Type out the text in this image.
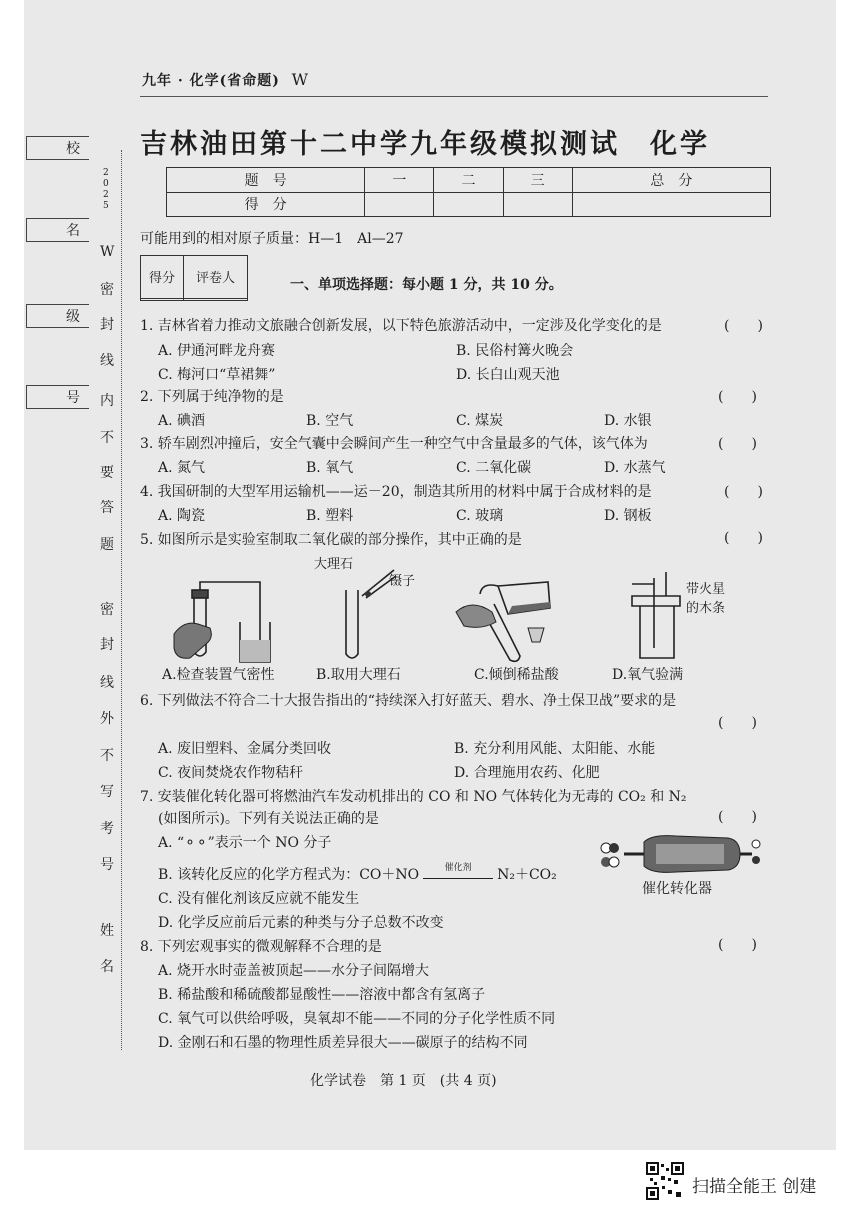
校
名
级
号
2
0
2
5
W
密
封
线
内
不
要
答
题
密
封
线
外
不
写
考
号
姓
名
九年 · 化学(省命题) W
吉林油田第十二中学九年级模拟测试　化学
题　号	一	二	三	总　分
得　分				
可能用到的相对原子质量：H—1　Al—27
得分	评卷人
		一、单项选择题：每小题 1 分，共 10 分。
1. 吉林省着力推动文旅融合创新发展，以下特色旅游活动中，一定涉及化学变化的是	(　　)
A. 伊通河畔龙舟赛	B. 民俗村篝火晚会
C. 梅河口“草裙舞”	D. 长白山观天池
2. 下列属于纯净物的是	(　　)
A. 碘酒	B. 空气	C. 煤炭	D. 水银
3. 轿车剧烈冲撞后，安全气囊中会瞬间产生一种空气中含量最多的气体，该气体为	(　　)
A. 氮气	B. 氧气	C. 二氧化碳	D. 水蒸气
4. 我国研制的大型军用运输机——运－20，制造其所用的材料中属于合成材料的是	(　　)
A. 陶瓷	B. 塑料	C. 玻璃	D. 钢板
5. 如图所示是实验室制取二氧化碳的部分操作，其中正确的是	(　　)
大理石
镊子
带火星
的木条
A.检查装置气密性	B.取用大理石	C.倾倒稀盐酸	D.氧气验满
6. 下列做法不符合二十大报告指出的“持续深入打好蓝天、碧水、净土保卫战”要求的是
(　　)
A. 废旧塑料、金属分类回收	B. 充分利用风能、太阳能、水能
C. 夜间焚烧农作物秸秆	D. 合理施用农药、化肥
7. 安装催化转化器可将燃油汽车发动机排出的 CO 和 NO 气体转化为无毒的 CO₂ 和 N₂
(如图所示)。下列有关说法正确的是	(　　)
A. “⚬⚬”表示一个 NO 分子
B. 该转化反应的化学方程式为：CO＋NO	$^{催化剂}$ N₂＋CO₂
C. 没有催化剂该反应就不能发生
D. 化学反应前后元素的种类与分子总数不改变
催化转化器
8. 下列宏观事实的微观解释不合理的是	(　　)
A. 烧开水时壶盖被顶起——水分子间隔增大
B. 稀盐酸和稀硫酸都显酸性——溶液中都含有氢离子
C. 氧气可以供给呼吸，臭氧却不能——不同的分子化学性质不同
D. 金刚石和石墨的物理性质差异很大——碳原子的结构不同
化学试卷　第 1 页　(共 4 页)
扫描全能王 创建
